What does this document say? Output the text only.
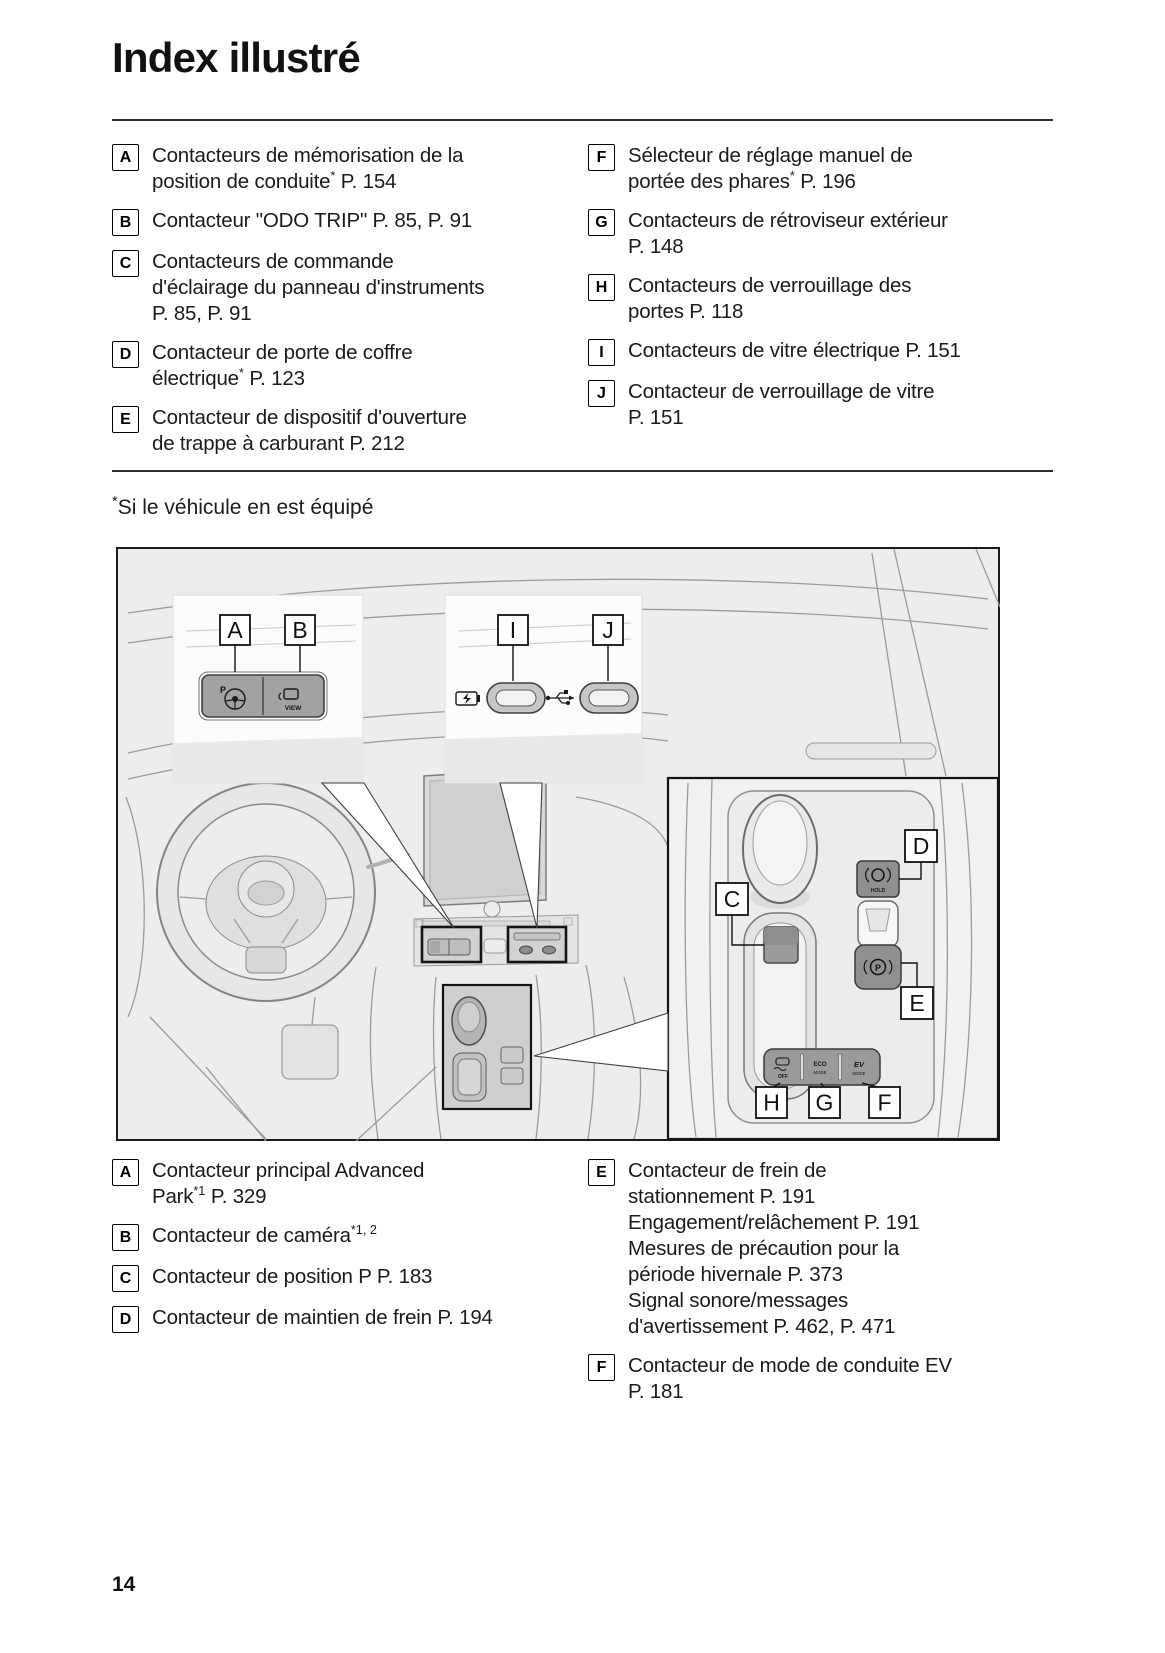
Index illustré
A	Contacteurs de mémorisation de la
position de conduite* P. 154
B	Contacteur "ODO TRIP" P. 85, P. 91
C	Contacteurs de commande
d'éclairage du panneau d'instruments
P. 85, P. 91
D	Contacteur de porte de coffre
électrique* P. 123
E	Contacteur de dispositif d'ouverture
de trappe à carburant P. 212
F	Sélecteur de réglage manuel de
portée des phares* P. 196
G Contacteurs de rétroviseur extérieur
P. 148
H	Contacteurs de verrouillage des
portes P. 118
I	Contacteurs de vitre électrique P. 151
J	Contacteur de verrouillage de vitre
P. 151
*Si le véhicule en est équipé
P
VIEW
A B	I	J
C	HOLD
D
P
E
OFF
ECO
MODE
EV
MODE
H G F
A	Contacteur principal Advanced
Park$^{*1}$ P. 329
B	Contacteur de caméra$^{*1, 2}$
C	Contacteur de position P P. 183
D	Contacteur de maintien de frein P. 194
E	Contacteur de frein de
stationnement P. 191
Engagement/relâchement P. 191
Mesures de précaution pour la
période hivernale P. 373
Signal sonore/messages
d'avertissement P. 462, P. 471
F	Contacteur de mode de conduite EV
P. 181
14
